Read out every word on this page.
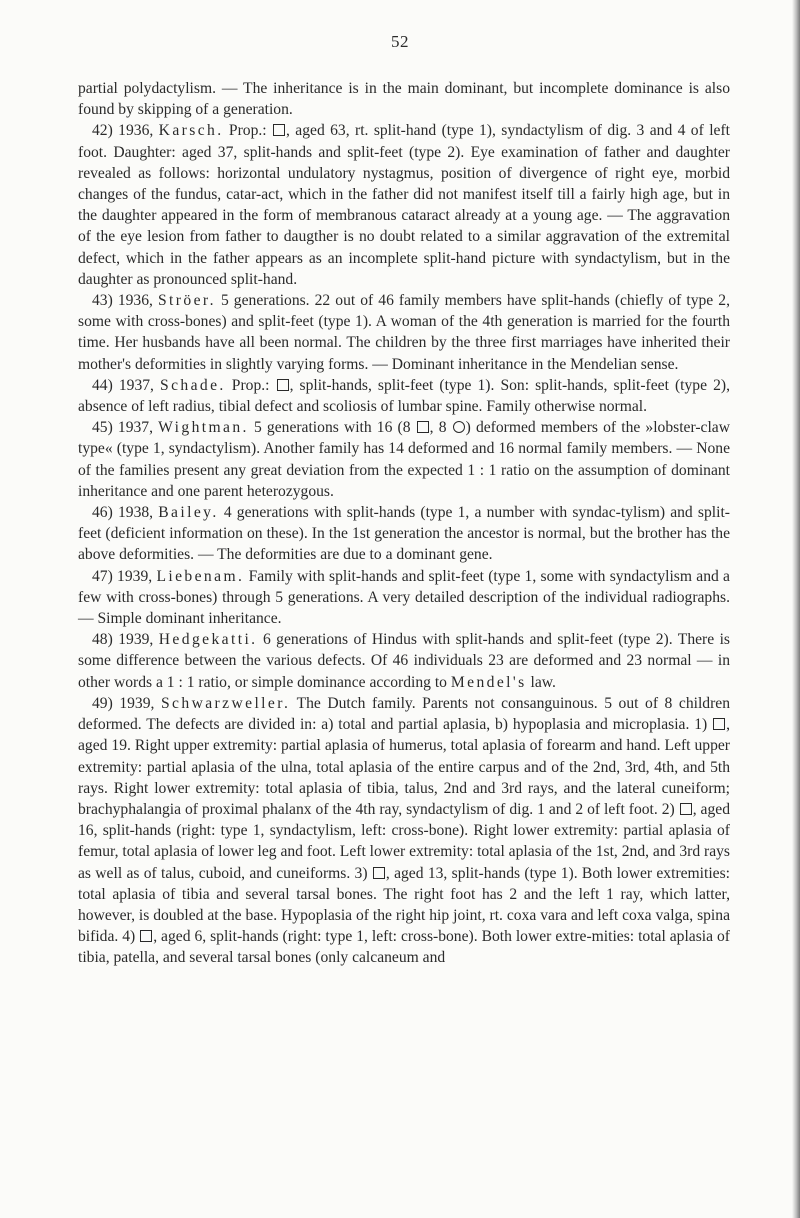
52

partial polydactylism. — The inheritance is in the main dominant, but incomplete dominance is also found by skipping of a generation.

42) 1936, Karsch. Prop.: , aged 63, rt. split-hand (type 1), syndactylism of dig. 3 and 4 of left foot. Daughter: aged 37, split-hands and split-feet (type 2). Eye examination of father and daughter revealed as follows: horizontal undulatory nystagmus, position of divergence of right eye, morbid changes of the fundus, catar-act, which in the father did not manifest itself till a fairly high age, but in the daughter appeared in the form of membranous cataract already at a young age. — The aggravation of the eye lesion from father to daugther is no doubt related to a similar aggravation of the extremital defect, which in the father appears as an incomplete split-hand picture with syndactylism, but in the daughter as pronounced split-hand.

43) 1936, Ströer. 5 generations. 22 out of 46 family members have split-hands (chiefly of type 2, some with cross-bones) and split-feet (type 1). A woman of the 4th generation is married for the fourth time. Her husbands have all been normal. The children by the three first marriages have inherited their mother's deformities in slightly varying forms. — Dominant inheritance in the Mendelian sense.

44) 1937, Schade. Prop.: , split-hands, split-feet (type 1). Son: split-hands, split-feet (type 2), absence of left radius, tibial defect and scoliosis of lumbar spine. Family otherwise normal.

45) 1937, Wightman. 5 generations with 16 (8 , 8 ) deformed members of the »lobster-claw type« (type 1, syndactylism). Another family has 14 deformed and 16 normal family members. — None of the families present any great deviation from the expected 1 : 1 ratio on the assumption of dominant inheritance and one parent heterozygous.

46) 1938, Bailey. 4 generations with split-hands (type 1, a number with syndac-tylism) and split-feet (deficient information on these). In the 1st generation the ancestor is normal, but the brother has the above deformities. — The deformities are due to a dominant gene.

47) 1939, Liebenam. Family with split-hands and split-feet (type 1, some with syndactylism and a few with cross-bones) through 5 generations. A very detailed description of the individual radiographs. — Simple dominant inheritance.

48) 1939, Hedgekatti. 6 generations of Hindus with split-hands and split-feet (type 2). There is some difference between the various defects. Of 46 individuals 23 are deformed and 23 normal — in other words a 1 : 1 ratio, or simple dominance according to Mendel's law.

49) 1939, Schwarzweller. The Dutch family. Parents not consanguinous. 5 out of 8 children deformed. The defects are divided in: a) total and partial aplasia, b) hypoplasia and microplasia. 1) , aged 19. Right upper extremity: partial aplasia of humerus, total aplasia of forearm and hand. Left upper extremity: partial aplasia of the ulna, total aplasia of the entire carpus and of the 2nd, 3rd, 4th, and 5th rays. Right lower extremity: total aplasia of tibia, talus, 2nd and 3rd rays, and the lateral cuneiform; brachyphalangia of proximal phalanx of the 4th ray, syndactylism of dig. 1 and 2 of left foot. 2) , aged 16, split-hands (right: type 1, syndactylism, left: cross-bone). Right lower extremity: partial aplasia of femur, total aplasia of lower leg and foot. Left lower extremity: total aplasia of the 1st, 2nd, and 3rd rays as well as of talus, cuboid, and cuneiforms. 3) , aged 13, split-hands (type 1). Both lower extremities: total aplasia of tibia and several tarsal bones. The right foot has 2 and the left 1 ray, which latter, however, is doubled at the base. Hypoplasia of the right hip joint, rt. coxa vara and left coxa valga, spina bifida. 4) , aged 6, split-hands (right: type 1, left: cross-bone). Both lower extre-mities: total aplasia of tibia, patella, and several tarsal bones (only calcaneum and
